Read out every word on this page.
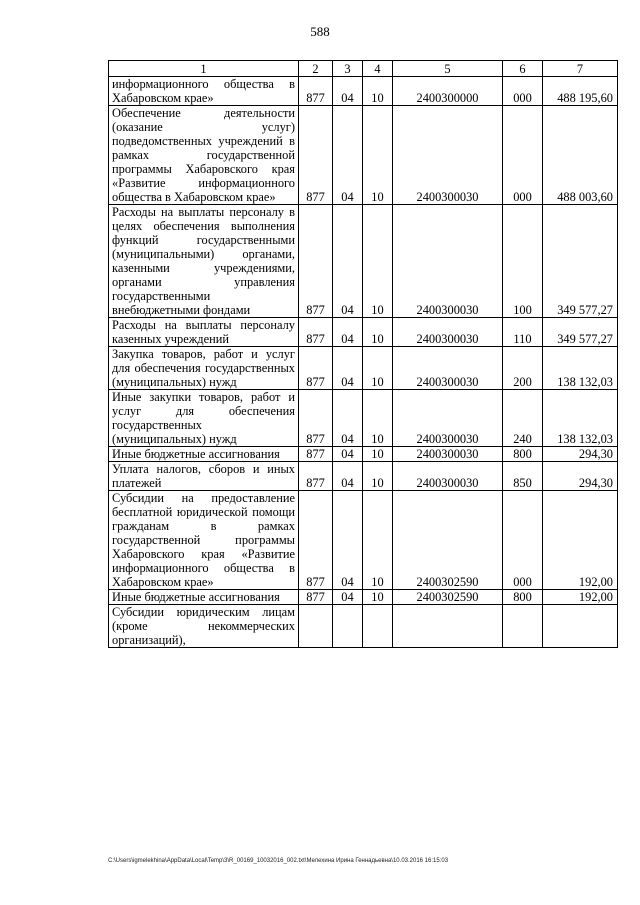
588
1	2	3	4	5	6	7
информационного общества в Хабаровском крае»	877	04	10	2400300000	000	488 195,60
Обеспечение деятельности (оказание услуг) подведомственных учреждений в рамках государственной программы Хабаровского края «Развитие информационного общества в Хабаровском крае»	877	04	10	2400300030	000	488 003,60
Расходы на выплаты персоналу в целях обеспечения выполнения функций государственными (муниципальными) органами, казенными учреждениями, органами управления государственными внебюджетными фондами	877	04	10	2400300030	100	349 577,27
Расходы на выплаты персоналу казенных учреждений	877	04	10	2400300030	110	349 577,27
Закупка товаров, работ и услуг для обеспечения государственных (муниципальных) нужд	877	04	10	2400300030	200	138 132,03
Иные закупки товаров, работ и услуг для обеспечения государственных (муниципальных) нужд	877	04	10	2400300030	240	138 132,03
Иные бюджетные ассигнования	877	04	10	2400300030	800	294,30
Уплата налогов, сборов и иных платежей	877	04	10	2400300030	850	294,30
Субсидии на предоставление бесплатной юридической помощи гражданам в рамках государственной программы Хабаровского края «Развитие информационного общества в Хабаровском крае»	877	04	10	2400302590	000	192,00
Иные бюджетные ассигнования	877	04	10	2400302590	800	192,00
Субсидии юридическим лицам (кроме некоммерческих организаций),						
C:\Users\igmelekhina\AppData\Local\Temp\3\R_00169_10032016_002.txt\Мелехина Ирина Геннадьевна\10.03.2016 16:15:03
